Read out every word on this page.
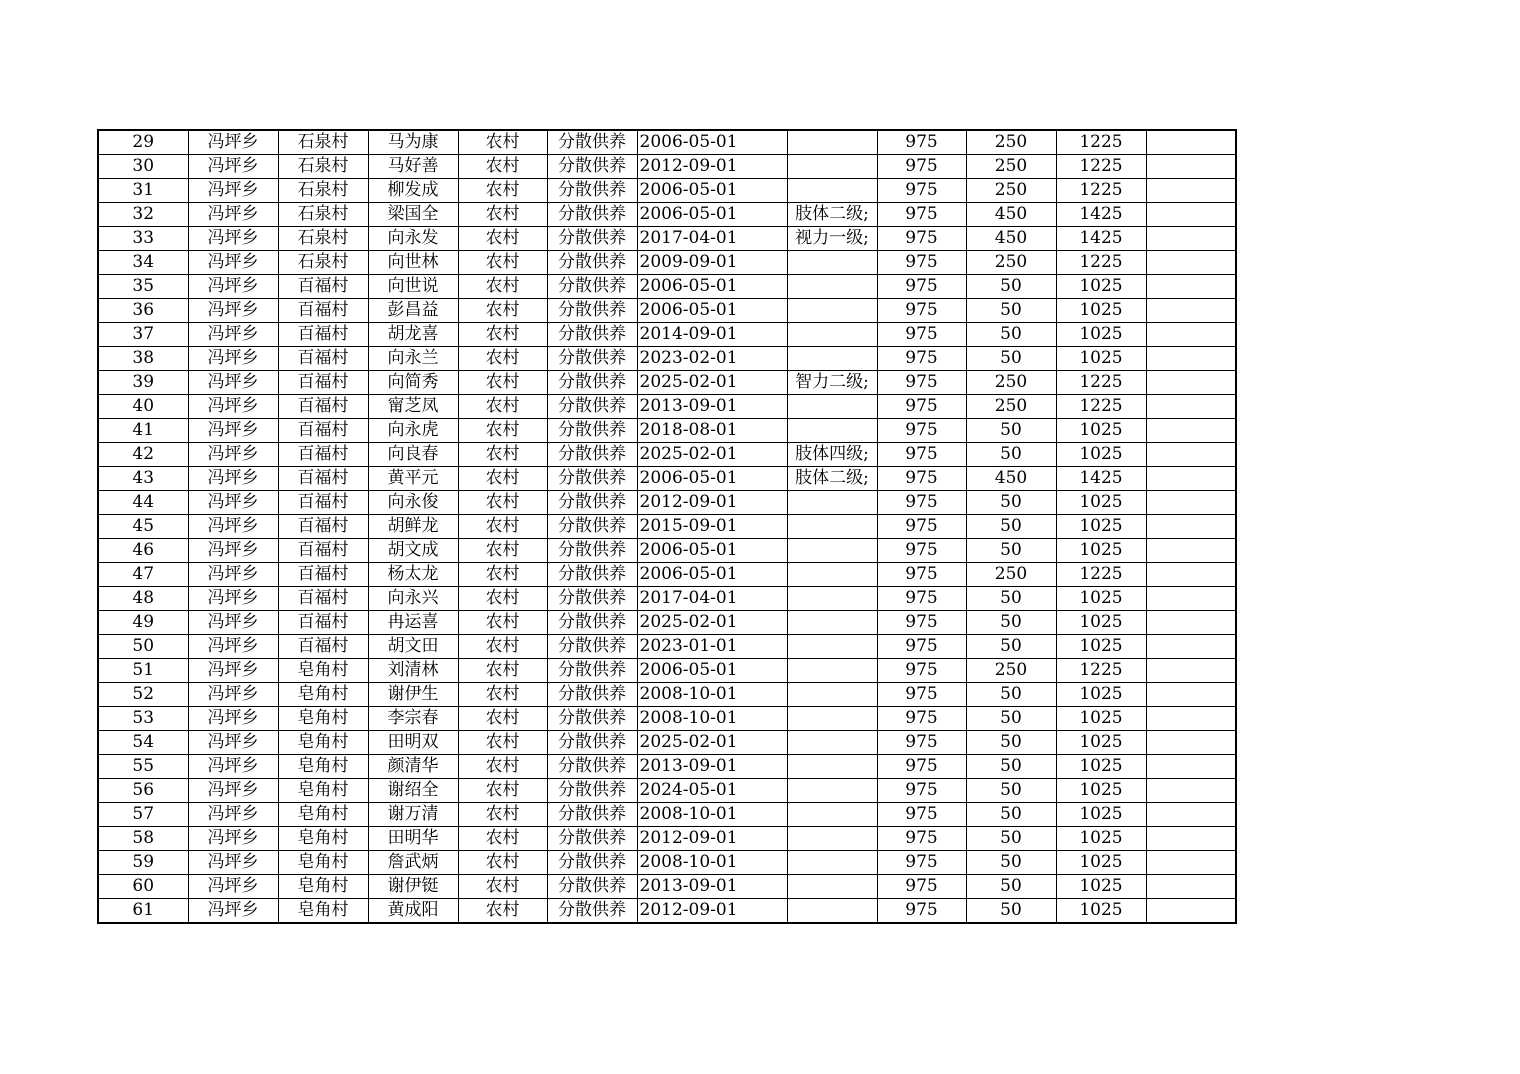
29	冯坪乡	石泉村	马为康	农村	分散供养	2006-05-01		975	250	1225	
30	冯坪乡	石泉村	马好善	农村	分散供养	2012-09-01		975	250	1225	
31	冯坪乡	石泉村	柳发成	农村	分散供养	2006-05-01		975	250	1225	
32	冯坪乡	石泉村	梁国全	农村	分散供养	2006-05-01	肢体二级;	975	450	1425	
33	冯坪乡	石泉村	向永发	农村	分散供养	2017-04-01	视力一级;	975	450	1425	
34	冯坪乡	石泉村	向世林	农村	分散供养	2009-09-01		975	250	1225	
35	冯坪乡	百福村	向世说	农村	分散供养	2006-05-01		975	50	1025	
36	冯坪乡	百福村	彭昌益	农村	分散供养	2006-05-01		975	50	1025	
37	冯坪乡	百福村	胡龙喜	农村	分散供养	2014-09-01		975	50	1025	
38	冯坪乡	百福村	向永兰	农村	分散供养	2023-02-01		975	50	1025	
39	冯坪乡	百福村	向简秀	农村	分散供养	2025-02-01	智力二级;	975	250	1225	
40	冯坪乡	百福村	甯芝凤	农村	分散供养	2013-09-01		975	250	1225	
41	冯坪乡	百福村	向永虎	农村	分散供养	2018-08-01		975	50	1025	
42	冯坪乡	百福村	向良春	农村	分散供养	2025-02-01	肢体四级;	975	50	1025	
43	冯坪乡	百福村	黄平元	农村	分散供养	2006-05-01	肢体二级;	975	450	1425	
44	冯坪乡	百福村	向永俊	农村	分散供养	2012-09-01		975	50	1025	
45	冯坪乡	百福村	胡鲜龙	农村	分散供养	2015-09-01		975	50	1025	
46	冯坪乡	百福村	胡文成	农村	分散供养	2006-05-01		975	50	1025	
47	冯坪乡	百福村	杨太龙	农村	分散供养	2006-05-01		975	250	1225	
48	冯坪乡	百福村	向永兴	农村	分散供养	2017-04-01		975	50	1025	
49	冯坪乡	百福村	冉运喜	农村	分散供养	2025-02-01		975	50	1025	
50	冯坪乡	百福村	胡文田	农村	分散供养	2023-01-01		975	50	1025	
51	冯坪乡	皂角村	刘清林	农村	分散供养	2006-05-01		975	250	1225	
52	冯坪乡	皂角村	谢伊生	农村	分散供养	2008-10-01		975	50	1025	
53	冯坪乡	皂角村	李宗春	农村	分散供养	2008-10-01		975	50	1025	
54	冯坪乡	皂角村	田明双	农村	分散供养	2025-02-01		975	50	1025	
55	冯坪乡	皂角村	颜清华	农村	分散供养	2013-09-01		975	50	1025	
56	冯坪乡	皂角村	谢绍全	农村	分散供养	2024-05-01		975	50	1025	
57	冯坪乡	皂角村	谢万清	农村	分散供养	2008-10-01		975	50	1025	
58	冯坪乡	皂角村	田明华	农村	分散供养	2012-09-01		975	50	1025	
59	冯坪乡	皂角村	詹武炳	农村	分散供养	2008-10-01		975	50	1025	
60	冯坪乡	皂角村	谢伊铤	农村	分散供养	2013-09-01		975	50	1025	
61	冯坪乡	皂角村	黄成阳	农村	分散供养	2012-09-01		975	50	1025	
